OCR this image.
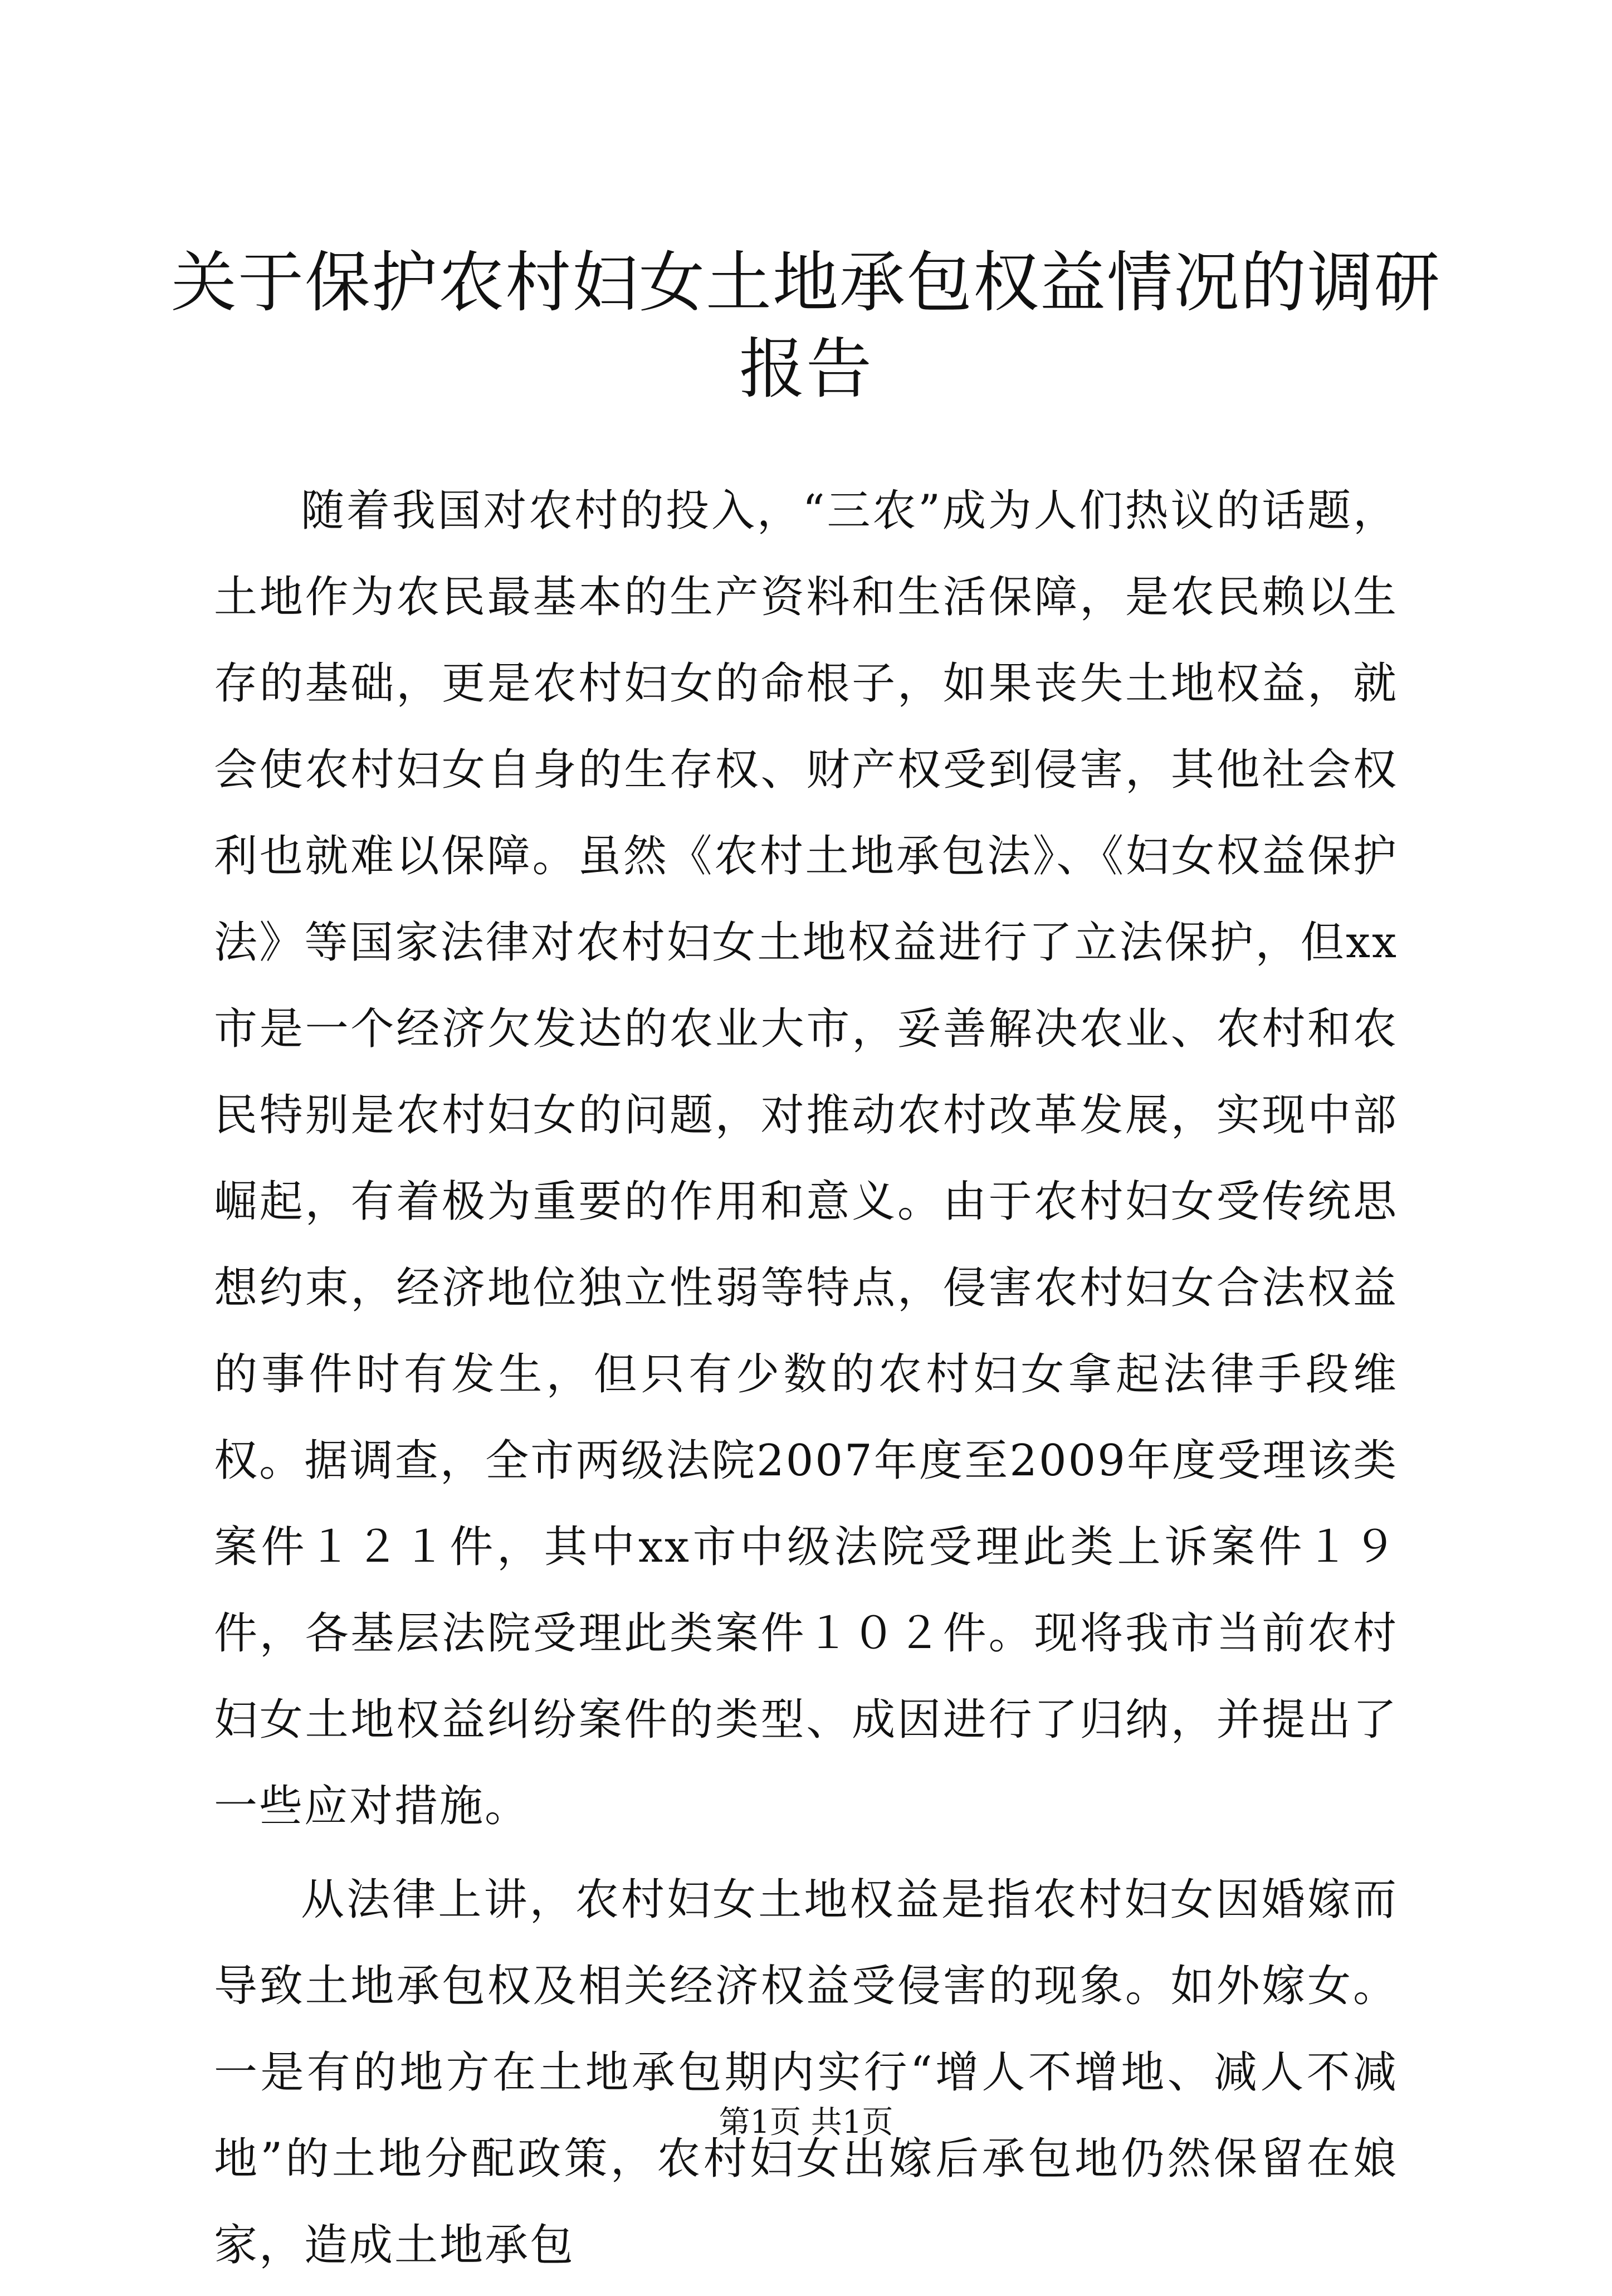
关于保护农村妇女土地承包权益情况的调研报告

随着我国对农村的投入，“三农”成为人们热议的话题，土地作为农民最基本的生产资料和生活保障，是农民赖以生存的基础，更是农村妇女的命根子，如果丧失土地权益，就会使农村妇女自身的生存权、财产权受到侵害，其他社会权利也就难以保障。虽然《农村土地承包法》、《妇女权益保护法》等国家法律对农村妇女土地权益进行了立法保护，但xx市是一个经济欠发达的农业大市，妥善解决农业、农村和农民特别是农村妇女的问题，对推动农村改革发展，实现中部崛起，有着极为重要的作用和意义。由于农村妇女受传统思想约束，经济地位独立性弱等特点，侵害农村妇女合法权益的事件时有发生，但只有少数的农村妇女拿起法律手段维权。据调查，全市两级法院2007年度至2009年度受理该类案件１２１件，其中xx市中级法院受理此类上诉案件１９件，各基层法院受理此类案件１０２件。现将我市当前农村妇女土地权益纠纷案件的类型、成因进行了归纳，并提出了一些应对措施。

从法律上讲，农村妇女土地权益是指农村妇女因婚嫁而导致土地承包权及相关经济权益受侵害的现象。如外嫁女。一是有的地方在土地承包期内实行“增人不增地、减人不减地”的土地分配政策，农村妇女出嫁后承包地仍然保留在娘家，造成土地承包

第1页 共1页
